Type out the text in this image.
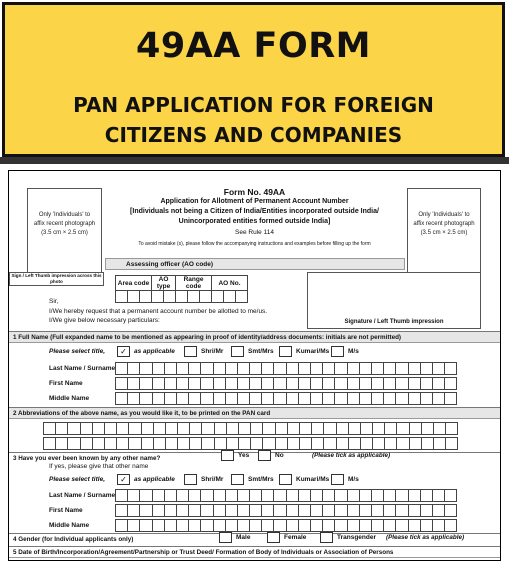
49AA FORM
PAN APPLICATION FOR FOREIGN
CITIZENS AND COMPANIES
Only 'Individuals' to
affix recent photograph
(3.5 cm × 2.5 cm)
Sign / Left Thumb impression across this photo
Only 'Individuals' to
affix recent photograph
(3.5 cm × 2.5 cm)
Form No. 49AA
Application for Allotment of Permanent Account Number
[Individuals not being a Citizen of India/Entities incorporated outside India/
Unincorporated entities formed outside India]
See Rule 114
To avoid mistake (s), please follow the accompanying instructions and examples before filling up the form
Assessing officer (AO code)
Area code			AO type		Range code			AO No.		

Signature / Left Thumb impression
Sir,
I/We hereby request that a permanent account number be allotted to me/us.
I/We give below necessary particulars:
1 Full Name (Full expanded name to be mentioned as appearing in proof of identity/address documents: initials are not permitted)
Please select title,	✓	as applicable	Shri/Mr	Smt/Mrs	Kumari/Ms	M/s
Last Name / Surname
First Name
Middle Name
2 Abbreviations of the above name, as you would like it, to be printed on the PAN card
3 Have you ever been known by any other name?	Yes	No	(Please tick as applicable)
If yes, please give that other name
Please select title,	✓	as applicable	Shri/Mr	Smt/Mrs	Kumari/Ms	M/s
Last Name / Surname
First Name
Middle Name
4 Gender (for Individual applicants only)	Male	Female	Transgender (Please tick as applicable)
5 Date of Birth/Incorporation/Agreement/Partnership or Trust Deed/ Formation of Body of Individuals or Association of Persons
